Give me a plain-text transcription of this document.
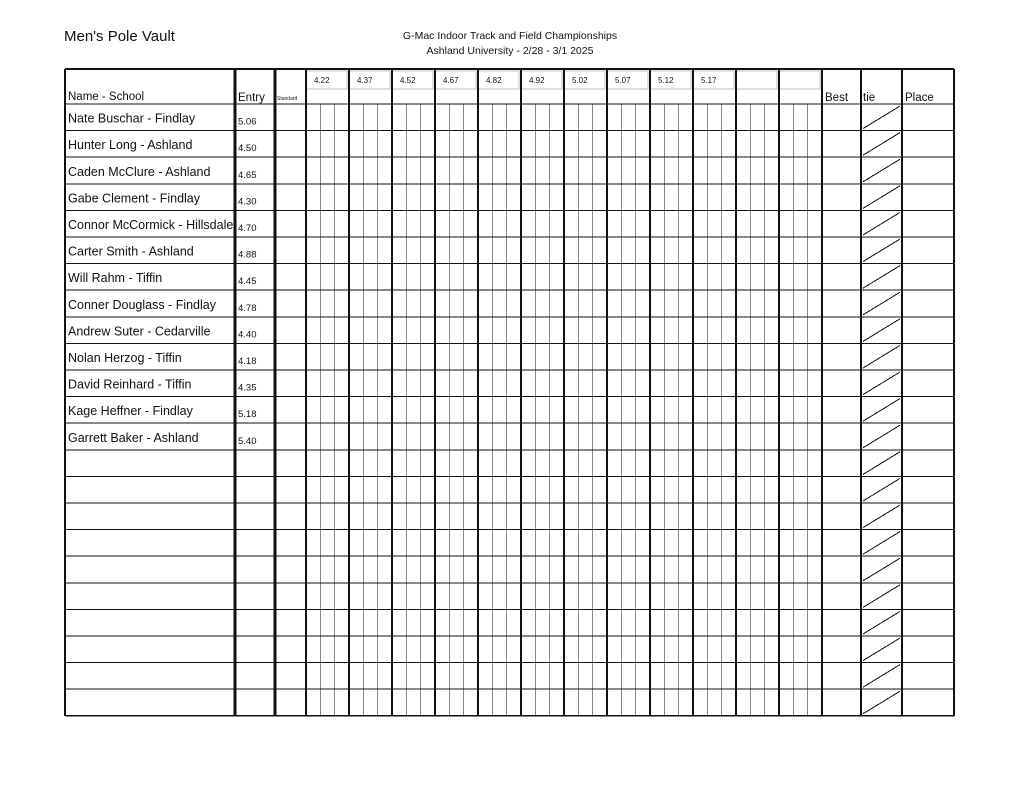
Men's Pole Vault	G-Mac Indoor Track and Field Championships
Ashland University - 2/28 - 3/1 2025
Name - School	Entry Standard	Best tie	Place
4.22	4.37	4.52	4.67	4.82	4.92	5.02	5.07	5.12	5.17
Nate Buschar - Findlay	5.06
Hunter Long - Ashland	4.50
Caden McClure - Ashland	4.65
Gabe Clement - Findlay	4.30
Connor McCormick - Hillsdale 4.70
Carter Smith - Ashland	4.88
Will Rahm - Tiffin	4.45
Conner Douglass - Findlay 4.78
Andrew Suter - Cedarville	4.40
Nolan Herzog - Tiffin	4.18
David Reinhard - Tiffin	4.35
Kage Heffner - Findlay	5.18
Garrett Baker - Ashland	5.40
